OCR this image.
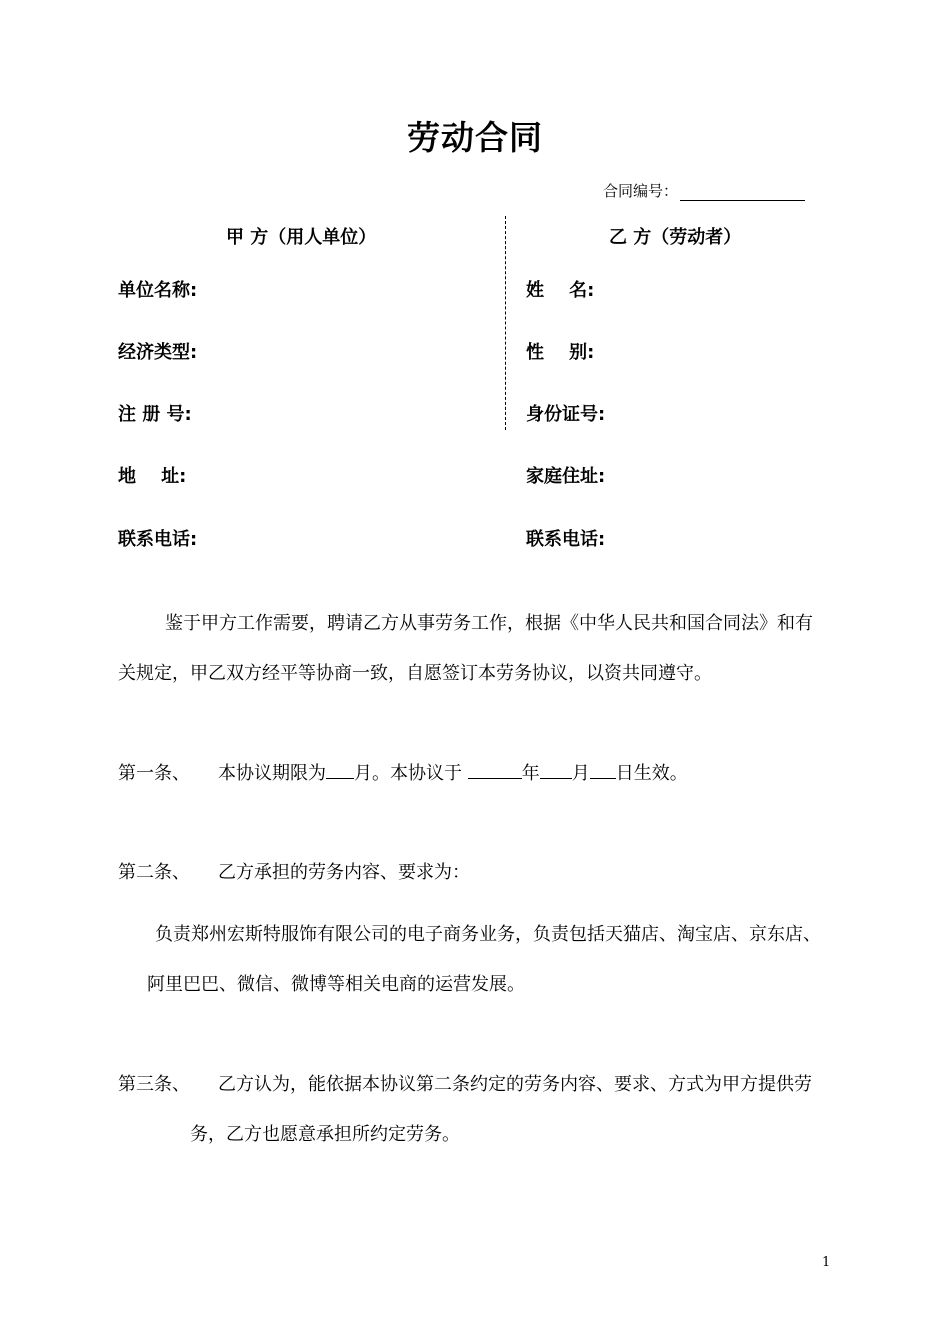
劳动合同
合同编号：
甲 方（用人单位）	乙 方（劳动者）
单位名称:
经济类型:
注 册 号:
地    址:
联系电话:
姓    名:
性    别:
身份证号:
家庭住址:
联系电话:
鉴于甲方工作需要，聘请乙方从事劳务工作，根据《中华人民共和国合同法》和有
关规定，甲乙双方经平等协商一致，自愿签订本劳务协议，以资共同遵守。
第一条、 本协议期限为 月。本协议于	年 月 日生效。
第二条、 乙方承担的劳务内容、要求为：
负责郑州宏斯特服饰有限公司的电子商务业务，负责包括天猫店、淘宝店、京东店、
阿里巴巴、微信、微博等相关电商的运营发展。
第三条、 乙方认为，能依据本协议第二条约定的劳务内容、要求、方式为甲方提供劳
务，乙方也愿意承担所约定劳务。
1
